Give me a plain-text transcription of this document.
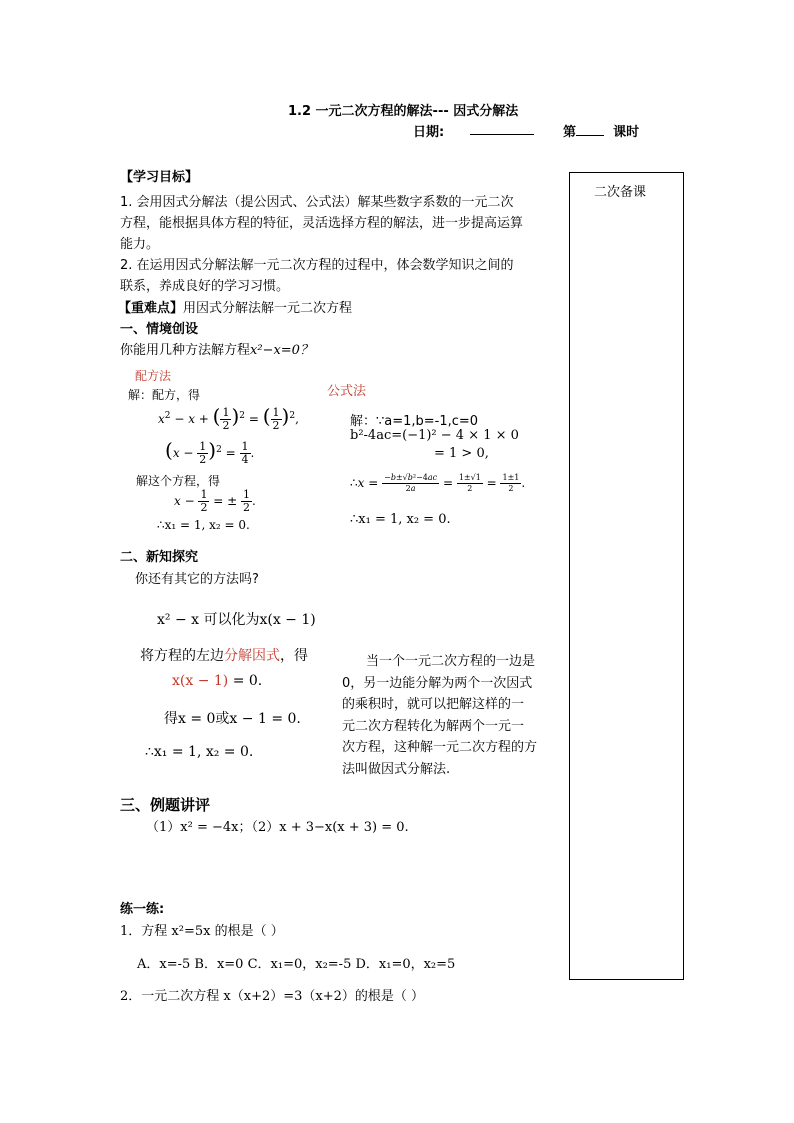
1.2 一元二次方程的解法--- 因式分解法
日期:	第	课时
二次备课
【学习目标】
1. 会用因式分解法（提公因式、公式法）解某些数字系数的一元二次
方程，能根据具体方程的特征，灵活选择方程的解法，进一步提高运算
能力。
2. 在运用因式分解法解一元二次方程的过程中，体会数学知识之间的
联系，养成良好的学习习惯。
【重难点】用因式分解法解一元二次方程
一、情境创设
你能用几种方法解方程x²−x=0？
配方法
解：配方，得
$x^2 - x$ + ( $\frac{1}{2} )^2$ = ( $\frac{1}{2} )^2$,
$(x - \frac{1}{2} )^2 = \frac{1}{4}$ .
解这个方程，得
$x - \frac{1}{2}$ = ± $\frac{1}{2}$ .
∴x₁ = 1, x₂ = 0.
公式法
解：∵a=1,b=-1,c=0
b²-4ac=(−1)² − 4 × 1 × 0
= 1 > 0,
∴x = $\frac{\text{−b±√b²−4ac}}{2a} = \frac{1\pm√1}{2} = \frac{1\pm 1}{2}$ .
∴x₁ = 1, x₂ = 0.
二、新知探究
你还有其它的方法吗?
x² − x 可以化为x(x − 1)
将方程的左边分解因式，得
x(x − 1) = 0.
得x = 0或x − 1 = 0.
∴x₁ = 1, x₂ = 0.
当一个一元二次方程的一边是
0，另一边能分解为两个一次因式
的乘积时，就可以把解这样的一
元二次方程转化为解两个一元一
次方程，这种解一元二次方程的方
法叫做因式分解法.
三、例题讲评
（1）x² = −4x；（2）x + 3−x(x + 3) = 0.
练一练:
1．方程 x²=5x 的根是（ ）
A．x=-5 B．x=0 C．x₁=0，x₂=-5 D．x₁=0，x₂=5
2．一元二次方程 x（x+2）=3（x+2）的根是（ ）
